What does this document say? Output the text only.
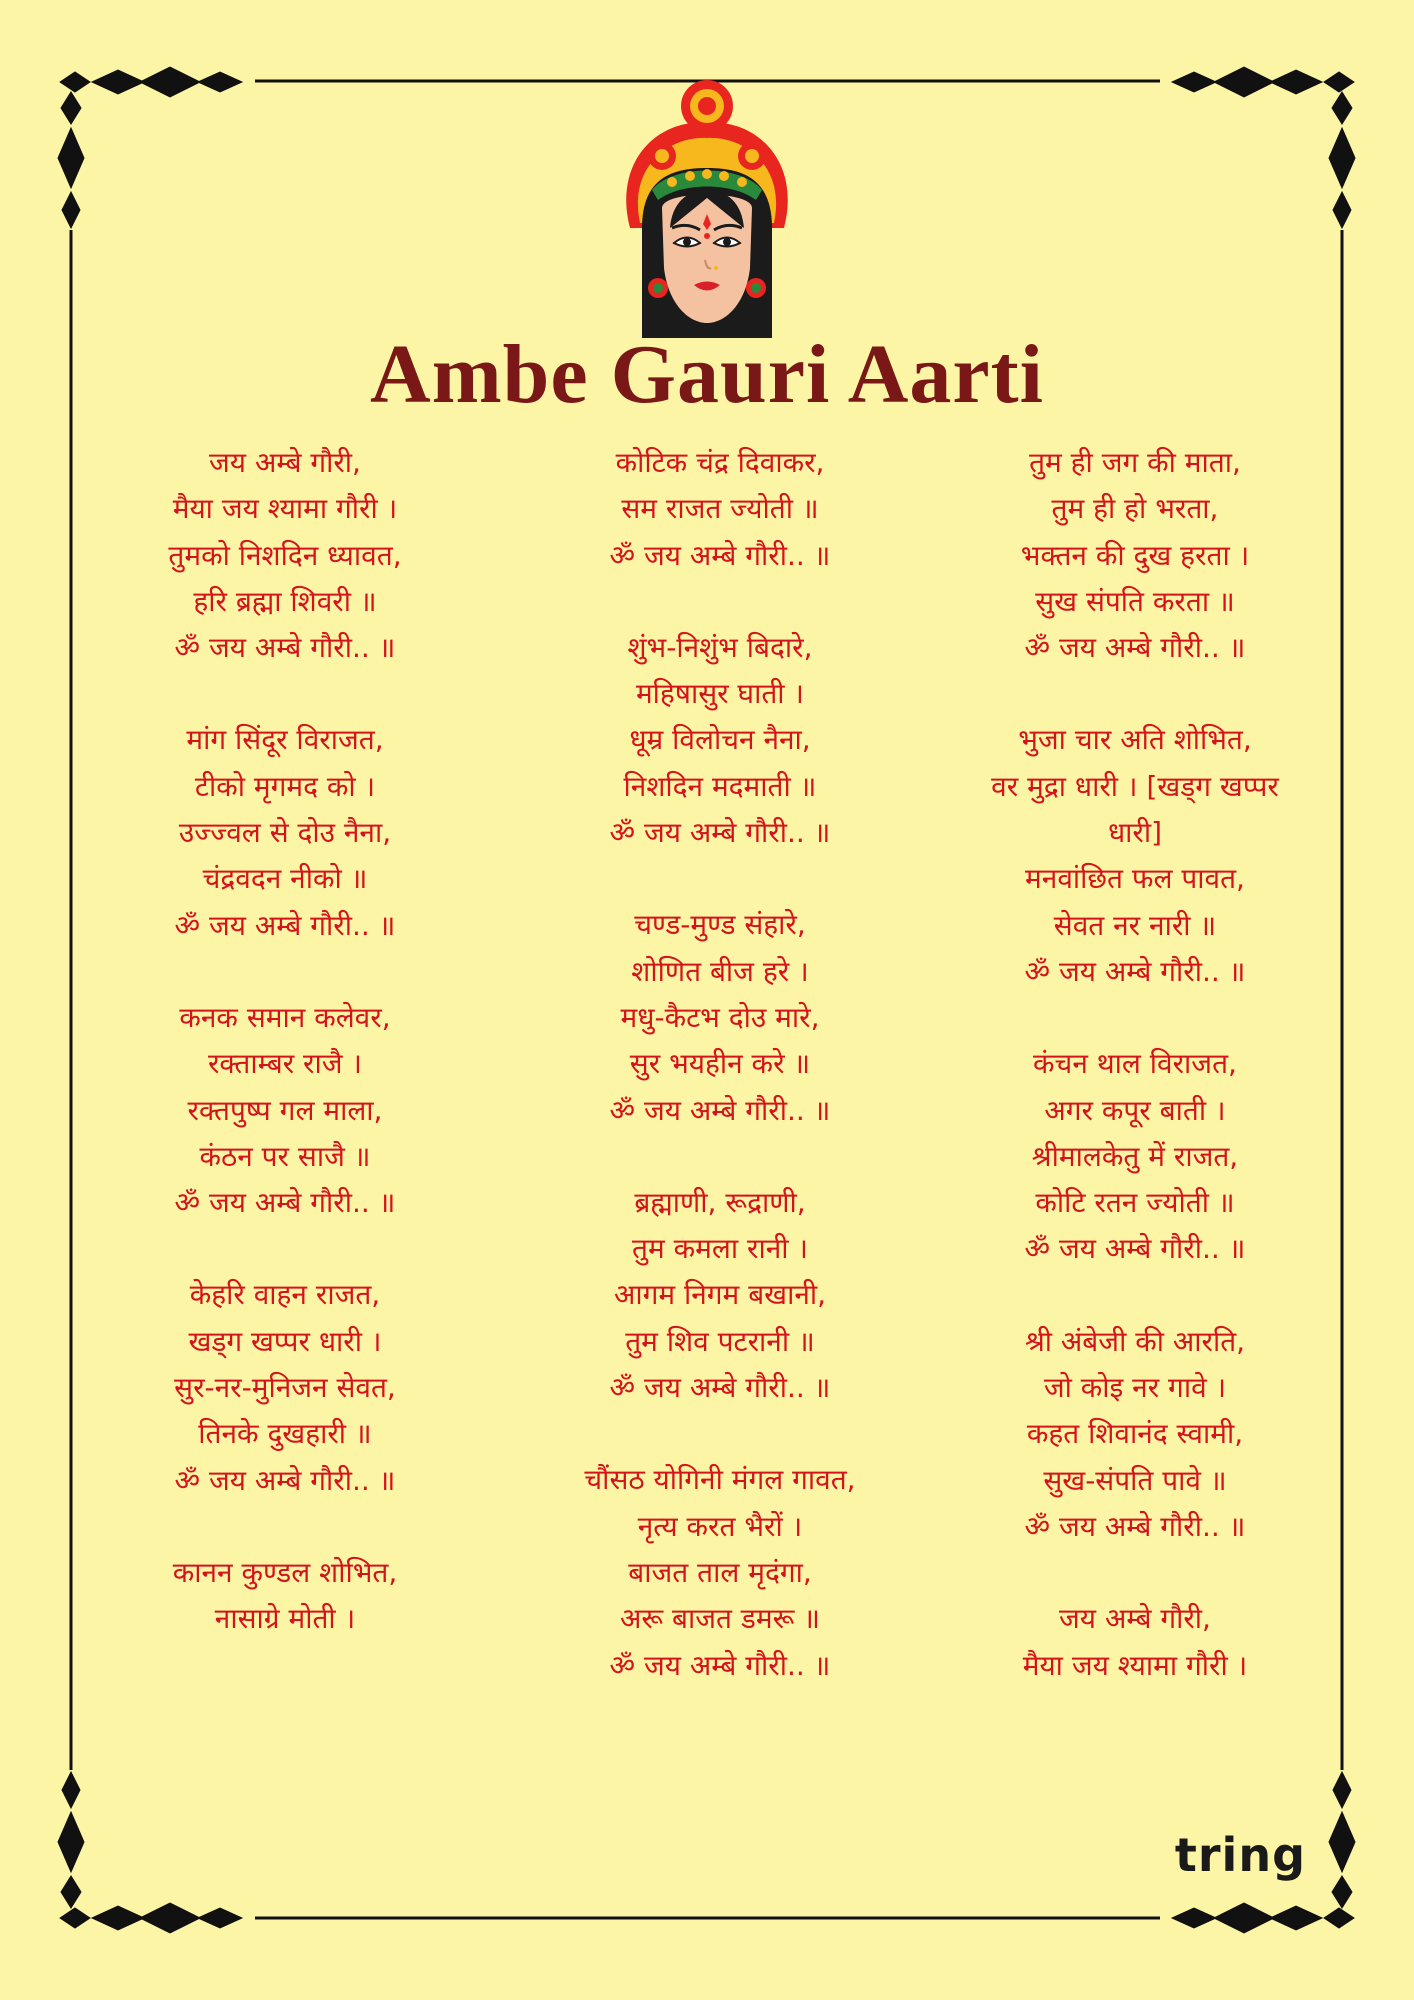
Ambe Gauri Aarti
जय अम्बे गौरी,
मैया जय श्यामा गौरी ।
तुमको निशदिन ध्यावत,
हरि ब्रह्मा शिवरी ॥
ॐ जय अम्बे गौरी.. ॥
मांग सिंदूर विराजत,
टीको मृगमद को ।
उज्ज्वल से दोउ नैना,
चंद्रवदन नीको ॥
ॐ जय अम्बे गौरी.. ॥
कनक समान कलेवर,
रक्ताम्बर राजै ।
रक्तपुष्प गल माला,
कंठन पर साजै ॥
ॐ जय अम्बे गौरी.. ॥
केहरि वाहन राजत,
खड्ग खप्पर धारी ।
सुर-नर-मुनिजन सेवत,
तिनके दुखहारी ॥
ॐ जय अम्बे गौरी.. ॥
कानन कुण्डल शोभित,
नासाग्रे मोती ।
कोटिक चंद्र दिवाकर,
सम राजत ज्योती ॥
ॐ जय अम्बे गौरी.. ॥
शुंभ-निशुंभ बिदारे,
महिषासुर घाती ।
धूम्र विलोचन नैना,
निशदिन मदमाती ॥
ॐ जय अम्बे गौरी.. ॥
चण्ड-मुण्ड संहारे,
शोणित बीज हरे ।
मधु-कैटभ दोउ मारे,
सुर भयहीन करे ॥
ॐ जय अम्बे गौरी.. ॥
ब्रह्माणी, रूद्राणी,
तुम कमला रानी ।
आगम निगम बखानी,
तुम शिव पटरानी ॥
ॐ जय अम्बे गौरी.. ॥
चौंसठ योगिनी मंगल गावत,
नृत्य करत भैरों ।
बाजत ताल मृदंगा,
अरू बाजत डमरू ॥
ॐ जय अम्बे गौरी.. ॥
तुम ही जग की माता,
तुम ही हो भरता,
भक्तन की दुख हरता ।
सुख संपति करता ॥
ॐ जय अम्बे गौरी.. ॥
भुजा चार अति शोभित,
वर मुद्रा धारी । [खड्ग खप्पर
धारी]
मनवांछित फल पावत,
सेवत नर नारी ॥
ॐ जय अम्बे गौरी.. ॥
कंचन थाल विराजत,
अगर कपूर बाती ।
श्रीमालकेतु में राजत,
कोटि रतन ज्योती ॥
ॐ जय अम्बे गौरी.. ॥
श्री अंबेजी की आरति,
जो कोइ नर गावे ।
कहत शिवानंद स्वामी,
सुख-संपति पावे ॥
ॐ जय अम्बे गौरी.. ॥
जय अम्बे गौरी,
मैया जय श्यामा गौरी ।
tring
